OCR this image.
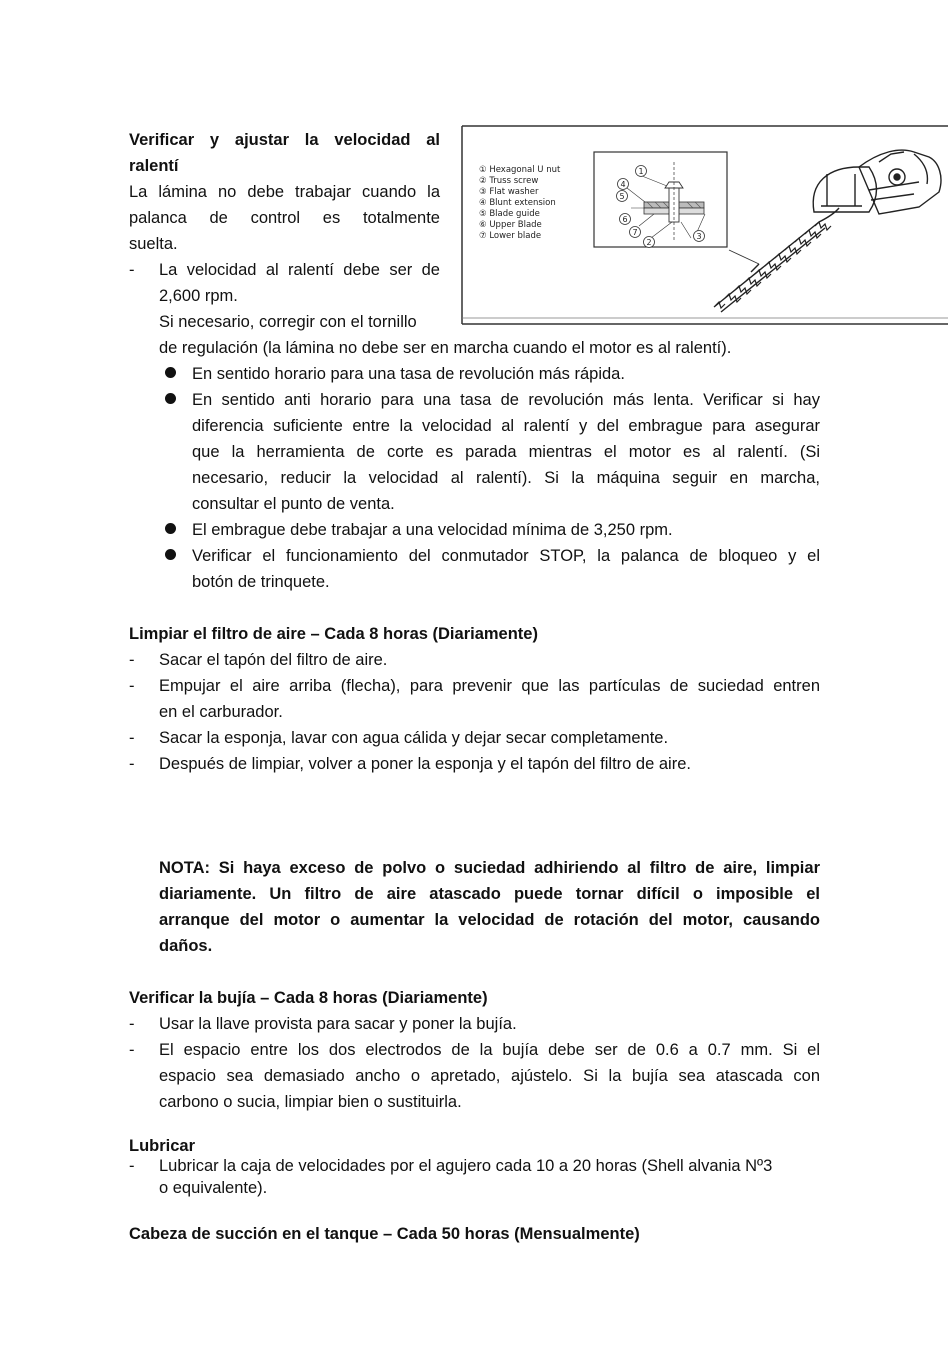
Verificar y ajustar la velocidad al
ralentí
La lámina no debe trabajar cuando la
palanca de control es totalmente
suelta.
- La velocidad al ralentí debe ser de
2,600 rpm.
Si necesario, corregir con el tornillo
de regulación (la lámina no debe ser en marcha cuando el motor es al ralentí).
En sentido horario para una tasa de revolución más rápida.
En sentido anti horario para una tasa de revolución más lenta. Verificar si hay
diferencia suficiente entre la velocidad al ralentí y del embrague para asegurar
que la herramienta de corte es parada mientras el motor es al ralentí. (Si
necesario, reducir la velocidad al ralentí). Si la máquina seguir en marcha,
consultar el punto de venta.
El embrague debe trabajar a una velocidad mínima de 3,250 rpm.
Verificar el funcionamiento del conmutador STOP, la palanca de bloqueo y el
botón de trinquete.
1
2
3
4
5
6
7
① Hexagonal U nut
② Truss screw
③ Flat washer
④ Blunt extension
⑤ Blade guide
⑥ Upper Blade
⑦ Lower blade
Limpiar el filtro de aire – Cada 8 horas (Diariamente)
- Sacar el tapón del filtro de aire.
- Empujar el aire arriba (flecha), para prevenir que las partículas de suciedad entren
en el carburador.
- Sacar la esponja, lavar con agua cálida y dejar secar completamente.
- Después de limpiar, volver a poner la esponja y el tapón del filtro de aire.
NOTA: Si haya exceso de polvo o suciedad adhiriendo al filtro de aire, limpiar
diariamente. Un filtro de aire atascado puede tornar difícil o imposible el
arranque del motor o aumentar la velocidad de rotación del motor, causando
daños.
Verificar la bujía – Cada 8 horas (Diariamente)
- Usar la llave provista para sacar y poner la bujía.
- El espacio entre los dos electrodos de la bujía debe ser de 0.6 a 0.7 mm. Si el
espacio sea demasiado ancho o apretado, ajústelo. Si la bujía sea atascada con
carbono o sucia, limpiar bien o sustituirla.
Lubricar
- Lubricar la caja de velocidades por el agujero cada 10 a 20 horas (Shell alvania Nº3
o equivalente).
Cabeza de succión en el tanque – Cada 50 horas (Mensualmente)
